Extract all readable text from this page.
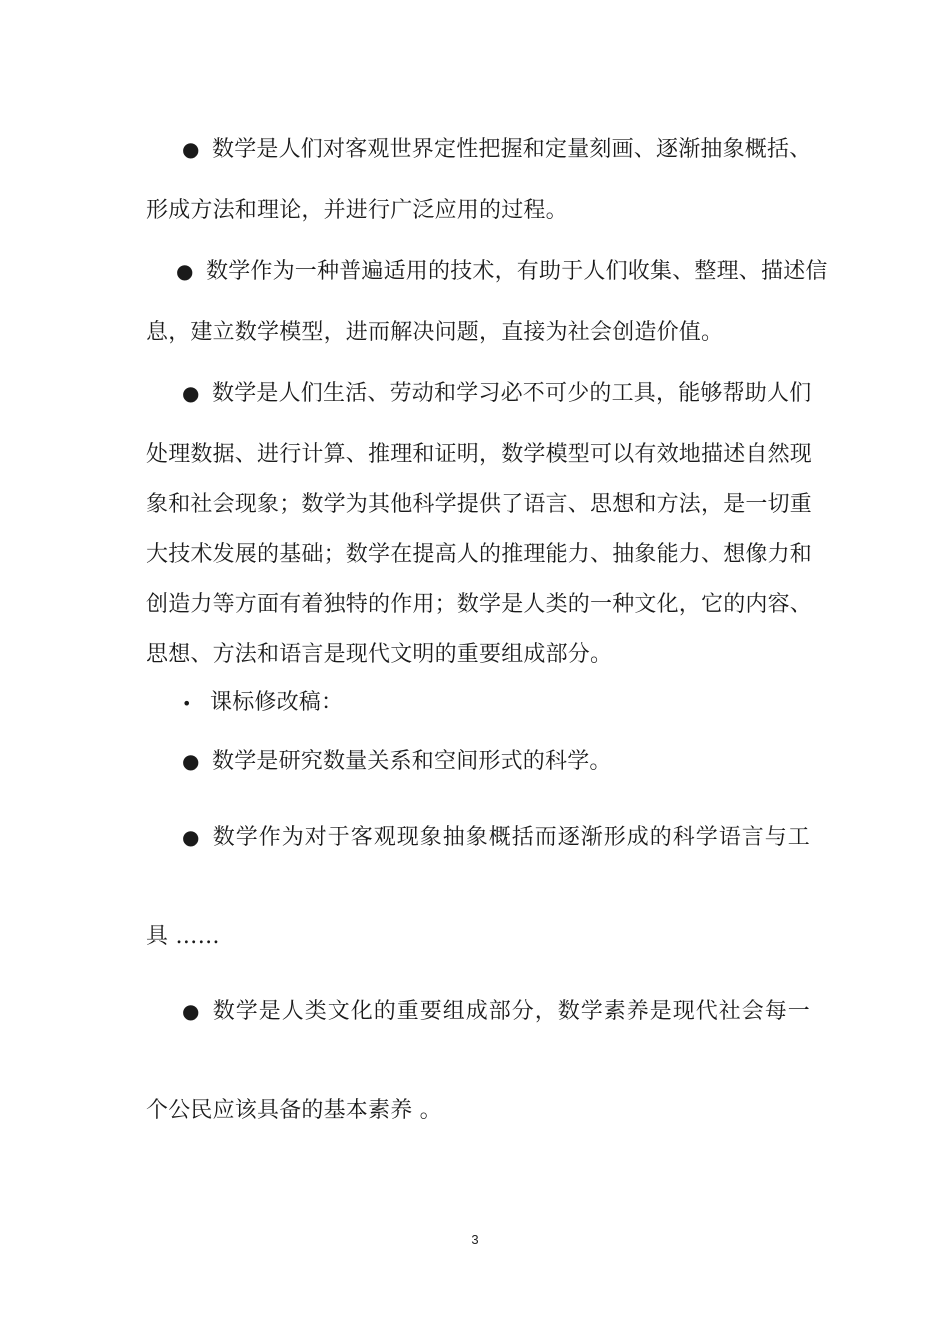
● 数学是人们对客观世界定性把握和定量刻画、逐渐抽象概括、
形成方法和理论，并进行广泛应用的过程。
● 数学作为一种普遍适用的技术，有助于人们收集、整理、描述信
息，建立数学模型，进而解决问题，直接为社会创造价值。
● 数学是人们生活、劳动和学习必不可少的工具，能够帮助人们
处理数据、进行计算、推理和证明，数学模型可以有效地描述自然现
象和社会现象；数学为其他科学提供了语言、思想和方法，是一切重
大技术发展的基础；数学在提高人的推理能力、抽象能力、想像力和
创造力等方面有着独特的作用；数学是人类的一种文化，它的内容、
思想、方法和语言是现代文明的重要组成部分。
• 课标修改稿：
● 数学是研究数量关系和空间形式的科学。
● 数学作为对于客观现象抽象概括而逐渐形成的科学语言与工
具 ……
● 数学是人类文化的重要组成部分，数学素养是现代社会每一
个公民应该具备的基本素养 。
3
